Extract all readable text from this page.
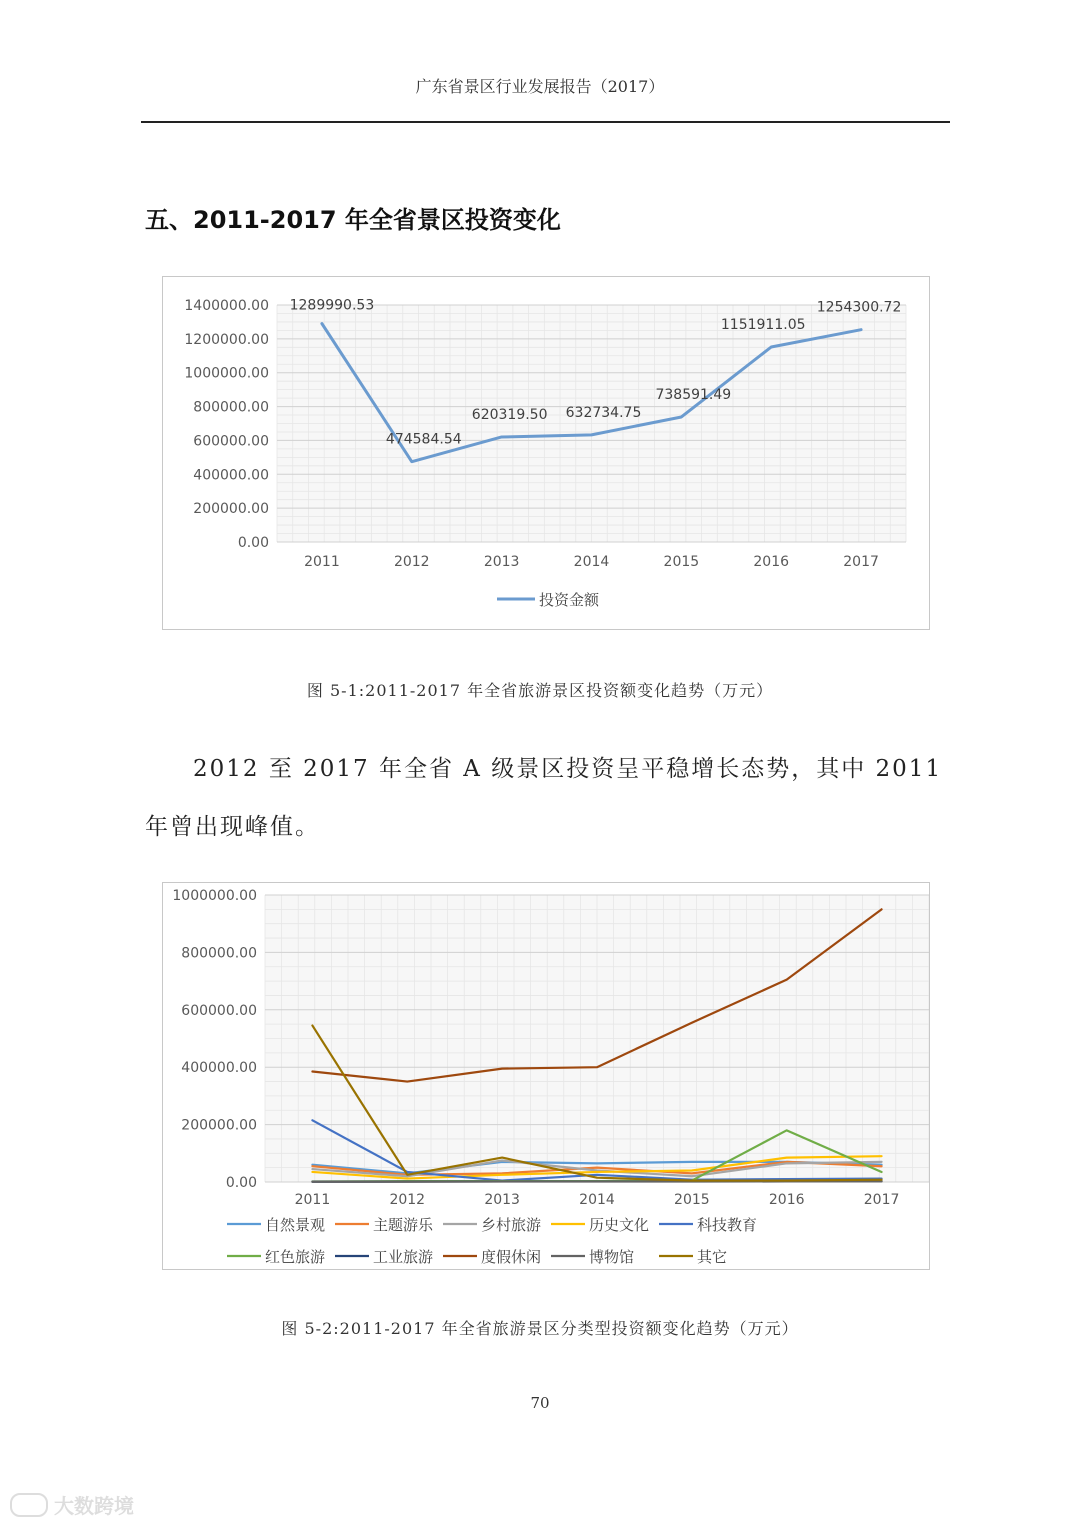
广东省景区行业发展报告（2017）
五、2011-2017 年全省景区投资变化
0.00
200000.00
400000.00
600000.00
800000.00
1000000.00
1200000.00
1400000.00
2011	2012	2013	2014	2015	2016	2017
1289990.53
474584.54
620319.50 632734.75
738591.49
1151911.05
1254300.72
投资金额
图 5-1:2011-2017 年全省旅游景区投资额变化趋势（万元）
2012 至 2017 年全省 A 级景区投资呈平稳增长态势，其中 2011 年曾出现峰值。
0.00
200000.00
400000.00
600000.00
800000.00
1000000.00
2011	2012	2013	2014	2015	2016	2017
自然景观	主题游乐	乡村旅游	历史文化	科技教育
红色旅游	工业旅游	度假休闲	博物馆	其它
图 5-2:2011-2017 年全省旅游景区分类型投资额变化趋势（万元）
70
大数跨境
